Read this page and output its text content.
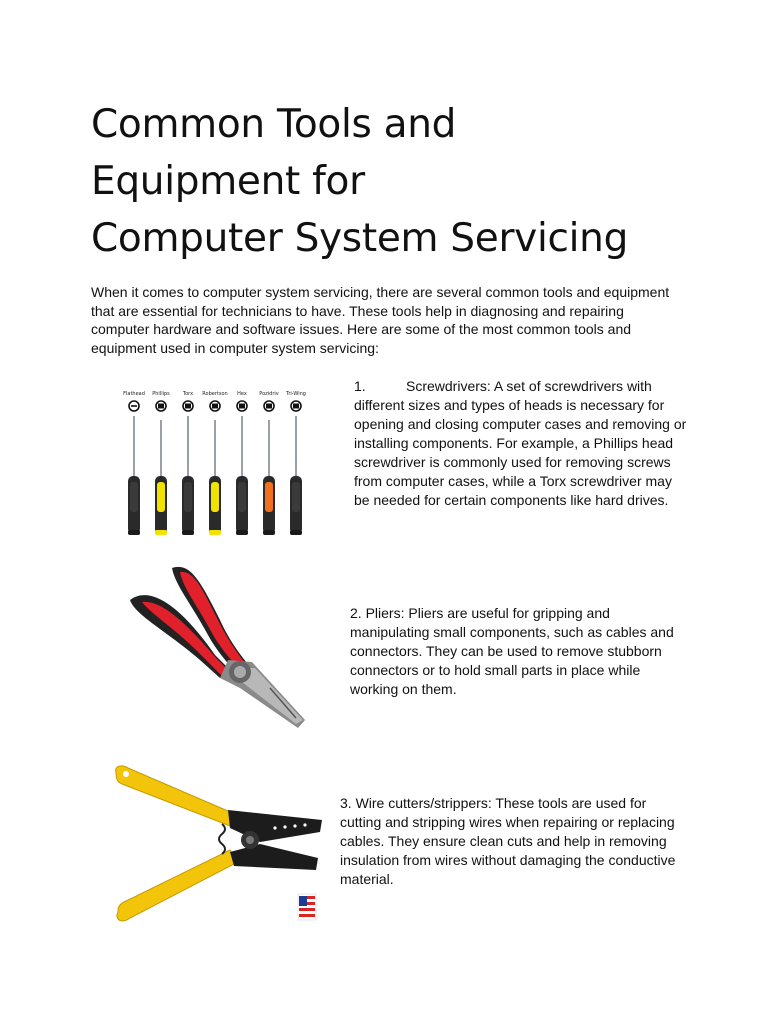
Common Tools and
Equipment for
Computer System Servicing

When it comes to computer system servicing, there are several common tools and equipment that are essential for technicians to have. These tools help in diagnosing and repairing computer hardware and software issues. Here are some of the most common tools and equipment used in computer system servicing:

Flathead Phillips	Torx Robertson Hex Pozidriv Tri-Wing	1.	Screwdrivers: A set of screwdrivers with different sizes and types of heads is necessary for opening and closing computer cases and removing or installing components. For example, a Phillips head screwdriver is commonly used for removing screws from computer cases, while a Torx screwdriver may be needed for certain components like hard drives.

2. Pliers: Pliers are useful for gripping and manipulating small components, such as cables and connectors. They can be used to remove stubborn connectors or to hold small parts in place while working on them.

3. Wire cutters/strippers: These tools are used for cutting and stripping wires when repairing or replacing cables. They ensure clean cuts and help in removing insulation from wires without damaging the conductive material.
